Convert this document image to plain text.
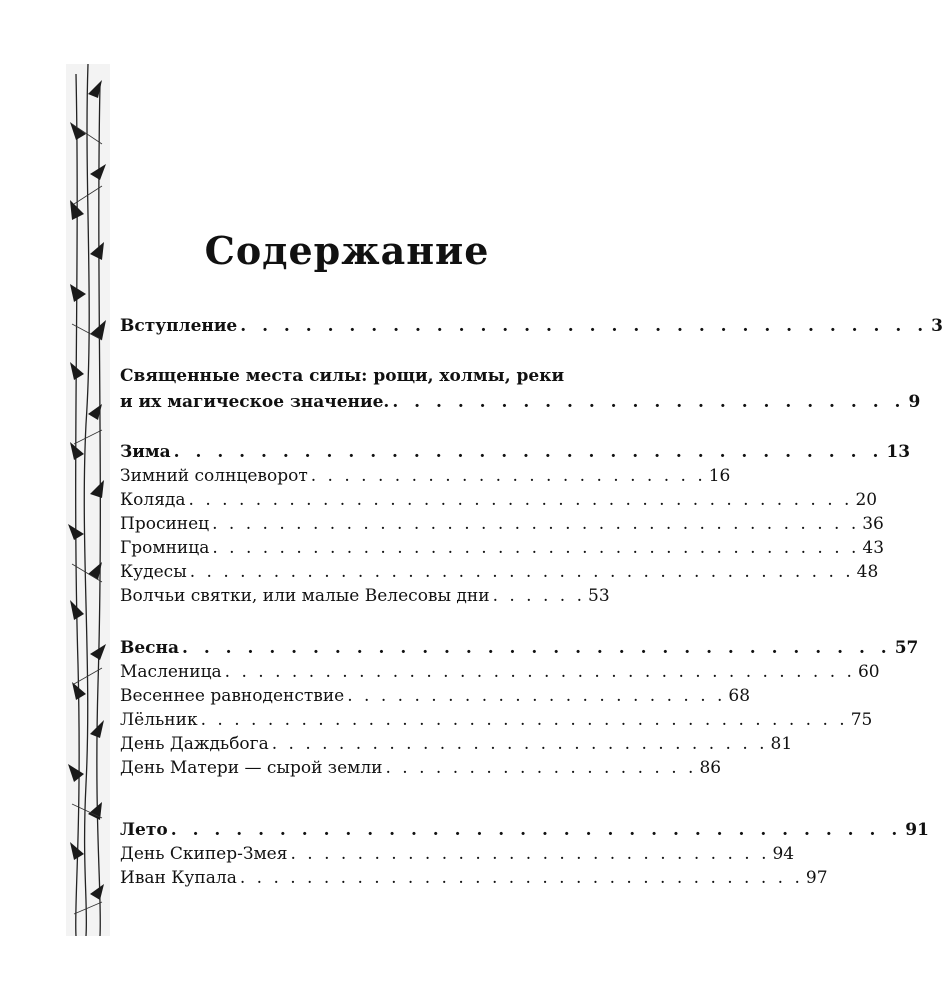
Содержание
Вступление . . . . . . . . . . . . . . . . . . . . . . . . . . . . . . . . 3
Священные места силы: рощи, холмы, реки
и их магическое значение. . . . . . . . . . . . . . . . . . . . . . . . . 9
Зима . . . . . . . . . . . . . . . . . . . . . . . . . . . . . . . . . 13
Зимний солнцеворот . . . . . . . . . . . . . . . . . . . . . . . . 16
Коляда . . . . . . . . . . . . . . . . . . . . . . . . . . . . . . . . . . . . . . . . 20
Просинец . . . . . . . . . . . . . . . . . . . . . . . . . . . . . . . . . . . . . . . 36
Громница . . . . . . . . . . . . . . . . . . . . . . . . . . . . . . . . . . . . . . . 43
Кудесы . . . . . . . . . . . . . . . . . . . . . . . . . . . . . . . . . . . . . . . . 48
Волчьи святки, или малые Велесовы дни . . . . . . 53
Весна . . . . . . . . . . . . . . . . . . . . . . . . . . . . . . . . . 57
Масленица . . . . . . . . . . . . . . . . . . . . . . . . . . . . . . . . . . . . . . 60
Весеннее равноденствие . . . . . . . . . . . . . . . . . . . . . . . 68
Лёльник . . . . . . . . . . . . . . . . . . . . . . . . . . . . . . . . . . . . . . . 75
День Даждьбога . . . . . . . . . . . . . . . . . . . . . . . . . . . . . . 81
День Матери — сырой земли . . . . . . . . . . . . . . . . . . . 86
Лето . . . . . . . . . . . . . . . . . . . . . . . . . . . . . . . . . . 91
День Скипер-Змея . . . . . . . . . . . . . . . . . . . . . . . . . . . . . 94
Иван Купала . . . . . . . . . . . . . . . . . . . . . . . . . . . . . . . . . . 97
